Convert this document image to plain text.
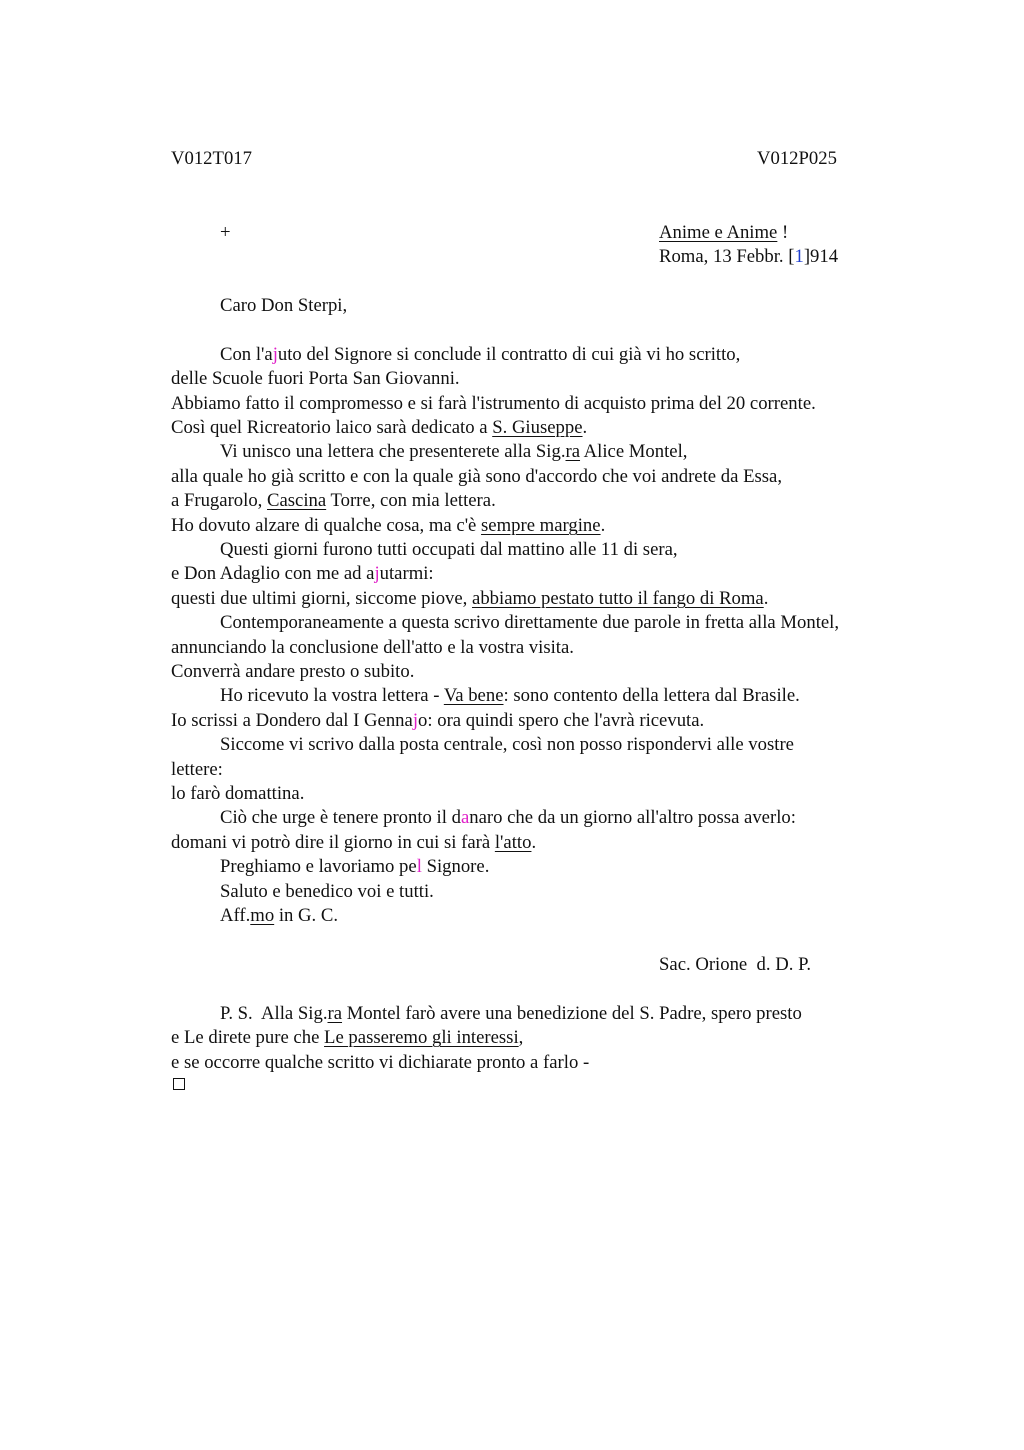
V012T017	V012P025
+	Anime e Anime !
Roma, 13 Febbr. [1]914
Caro Don Sterpi,
Con l'ajuto del Signore si conclude il contratto di cui già vi ho scritto,
delle Scuole fuori Porta San Giovanni.
Abbiamo fatto il compromesso e si farà l'istrumento di acquisto prima del 20 corrente.
Così quel Ricreatorio laico sarà dedicato a S. Giuseppe.
Vi unisco una lettera che presenterete alla Sig.ra Alice Montel,
alla quale ho già scritto e con la quale già sono d'accordo che voi andrete da Essa,
a Frugarolo, Cascina Torre, con mia lettera.
Ho dovuto alzare di qualche cosa, ma c'è sempre margine.
Questi giorni furono tutti occupati dal mattino alle 11 di sera,
e Don Adaglio con me ad ajutarmi:
questi due ultimi giorni, siccome piove, abbiamo pestato tutto il fango di Roma.
Contemporaneamente a questa scrivo direttamente due parole in fretta alla Montel,
annunciando la conclusione dell'atto e la vostra visita.
Converrà andare presto o subito.
Ho ricevuto la vostra lettera - Va bene: sono contento della lettera dal Brasile.
Io scrissi a Dondero dal I Gennajo: ora quindi spero che l'avrà ricevuta.
Siccome vi scrivo dalla posta centrale, così non posso rispondervi alle vostre
lettere:
lo farò domattina.
Ciò che urge è tenere pronto il danaro che da un giorno all'altro possa averlo:
domani vi potrò dire il giorno in cui si farà l'atto.
Preghiamo e lavoriamo pel Signore.
Saluto e benedico voi e tutti.
Aff.mo in G. C.
Sac. Orione  d. D. P.
P. S.  Alla Sig.ra Montel farò avere una benedizione del S. Padre, spero presto
e Le direte pure che Le passeremo gli interessi,
e se occorre qualche scritto vi dichiarate pronto a farlo -
